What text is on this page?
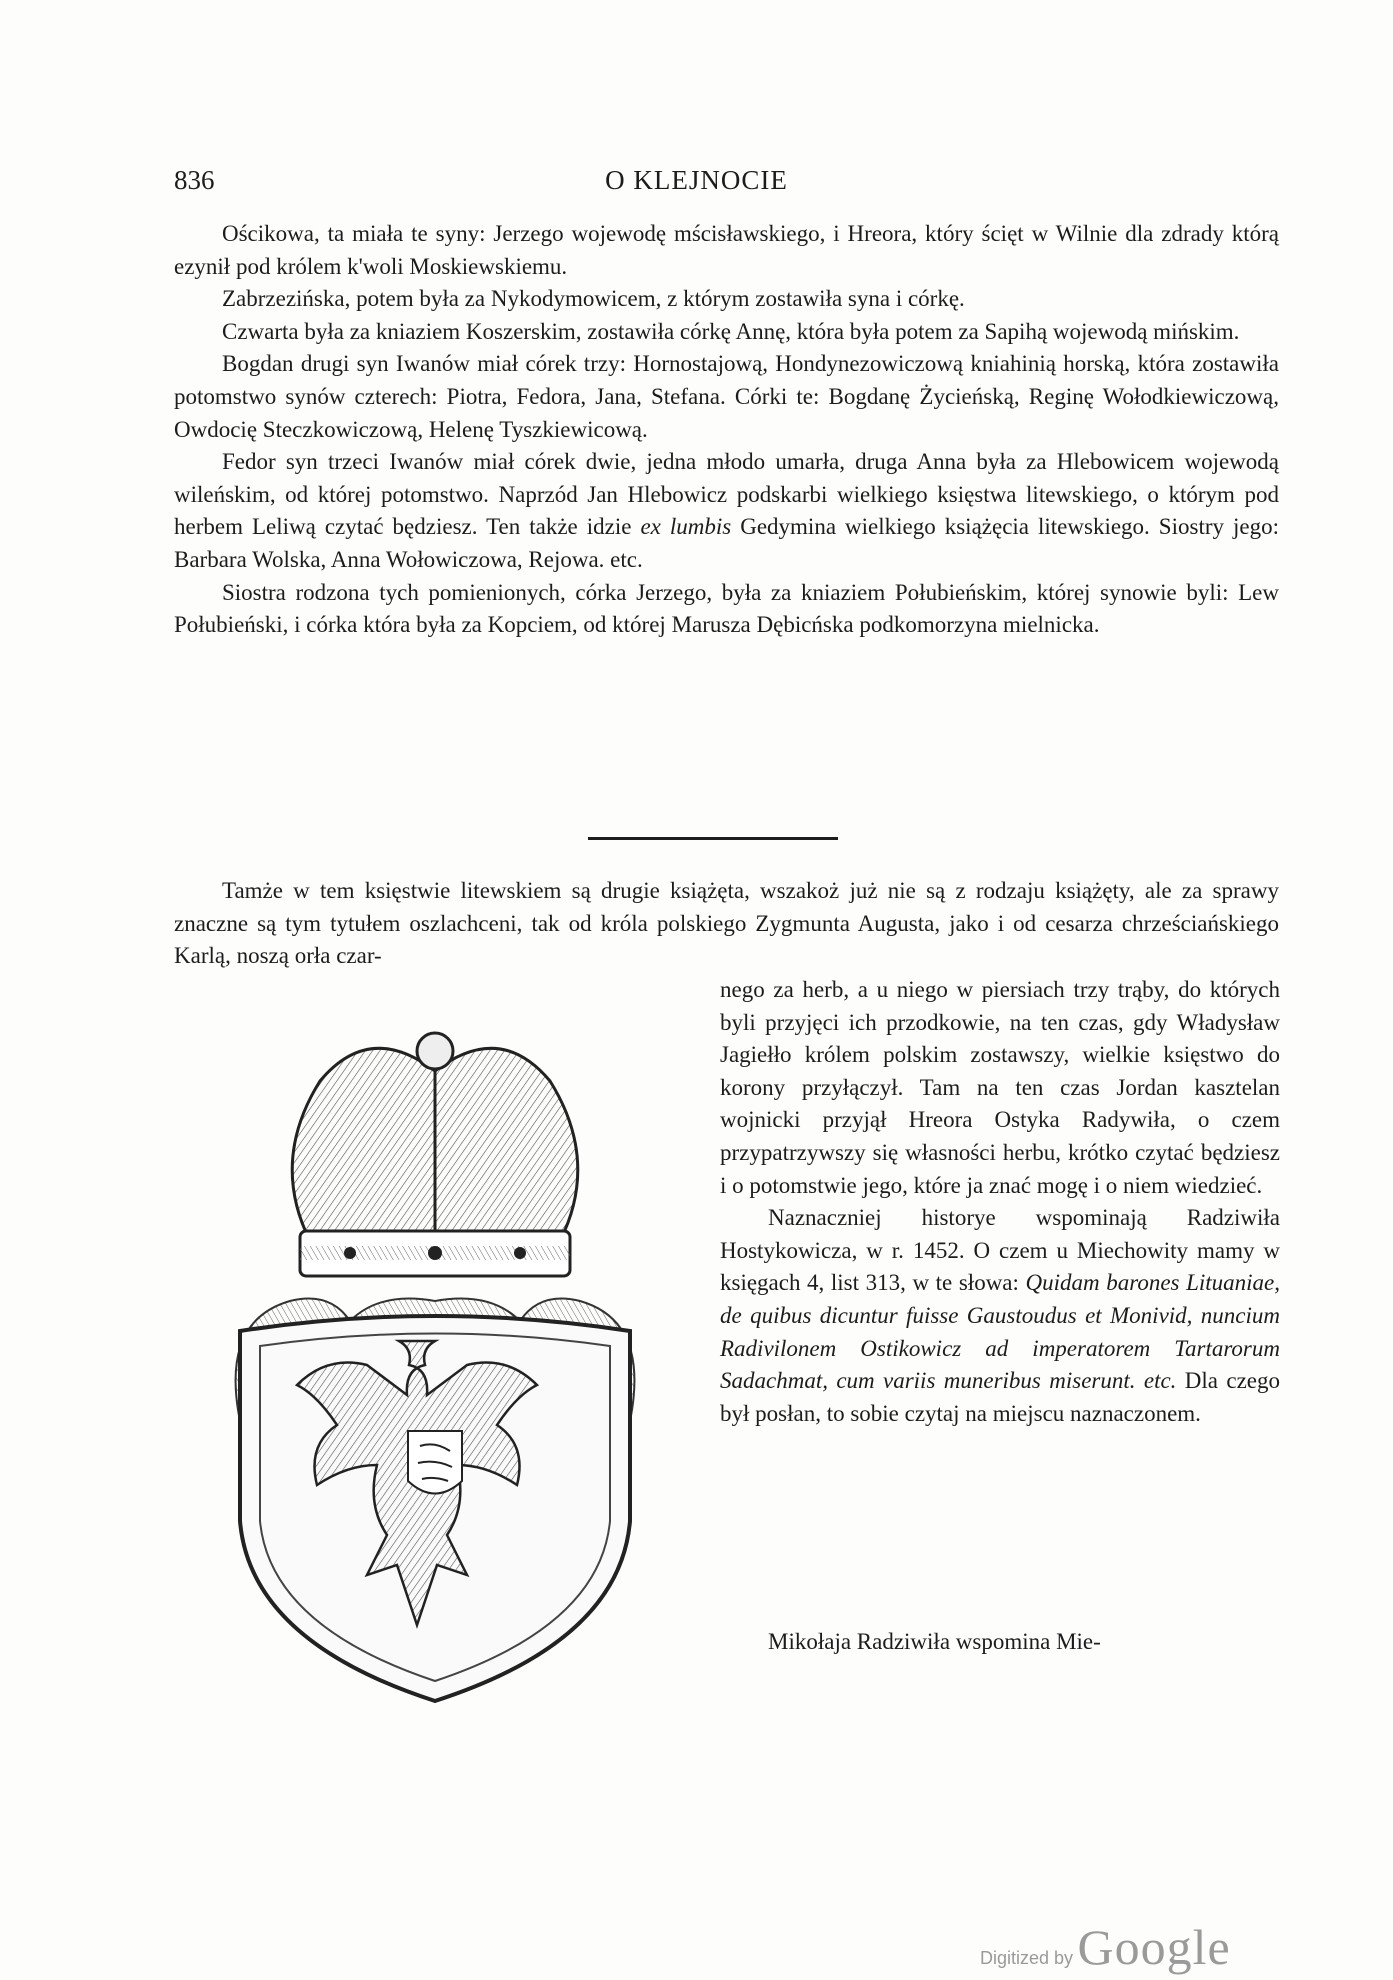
836	O KLEJNOCIE

Ościkowa, ta miała te syny: Jerzego wojewodę mścisławskiego, i Hreora, który ścięt w Wilnie dla zdrady którą ezynił pod królem k'woli Moskiewskiemu.

Zabrzezińska, potem była za Nykodymowicem, z którym zostawiła syna i córkę.

Czwarta była za kniaziem Koszerskim, zostawiła córkę Annę, która była potem za Sapihą wojewodą mińskim.

Bogdan drugi syn Iwanów miał córek trzy: Hornostajową, Hondynezowiczową kniahinią horską, która zostawiła potomstwo synów czterech: Piotra, Fedora, Jana, Stefana. Córki te: Bogdanę Życieńską, Reginę Wołodkiewiczową, Owdocię Steczkowiczową, Helenę Tyszkiewicową.

Fedor syn trzeci Iwanów miał córek dwie, jedna młodo umarła, druga Anna była za Hlebowicem wojewodą wileńskim, od której potomstwo. Naprzód Jan Hlebowicz podskarbi wielkiego księstwa litewskiego, o którym pod herbem Leliwą czytać będziesz. Ten także idzie ex lumbis Gedymina wielkiego książęcia litewskiego. Siostry jego: Barbara Wolska, Anna Wołowiczowa, Rejowa. etc.

Siostra rodzona tych pomienionych, córka Jerzego, była za kniaziem Połubieńskim, której synowie byli: Lew Połubieński, i córka która była za Kopciem, od której Marusza Dębicńska podkomorzyna mielnicka.

Tamże w tem księstwie litewskiem są drugie książęta, wszakoż już nie są z rodzaju książęty, ale za sprawy znaczne są tym tytułem oszlachceni, tak od króla polskiego Zygmunta Augusta, jako i od cesarza chrześciańskiego Karlą, noszą orła czar-

nego za herb, a u niego w piersiach trzy trąby, do których byli przyjęci ich przodkowie, na ten czas, gdy Władysław Jagiełło królem polskim zostawszy, wielkie księstwo do korony przyłączył. Tam na ten czas Jordan kasztelan wojnicki przyjął Hreora Ostyka Radywiła, o czem przypatrzywszy się własności herbu, krótko czytać będziesz i o potomstwie jego, które ja znać mogę i o niem wiedzieć.

Naznaczniej historye wspominają Radziwiła Hostykowicza, w r. 1452. O czem u Miechowity mamy w księgach 4, list 313, w te słowa: Quidam barones Lituaniae, de quibus dicuntur fuisse Gaustoudus et Monivid, nuncium Radivilonem Ostikowicz ad imperatorem Tartarorum Sadachmat, cum variis muneribus miserunt. etc. Dla czego był posłan, to sobie czytaj na miejscu naznaczonem.

Mikołaja Radziwiła wspomina Mie-

Digitized by Google
